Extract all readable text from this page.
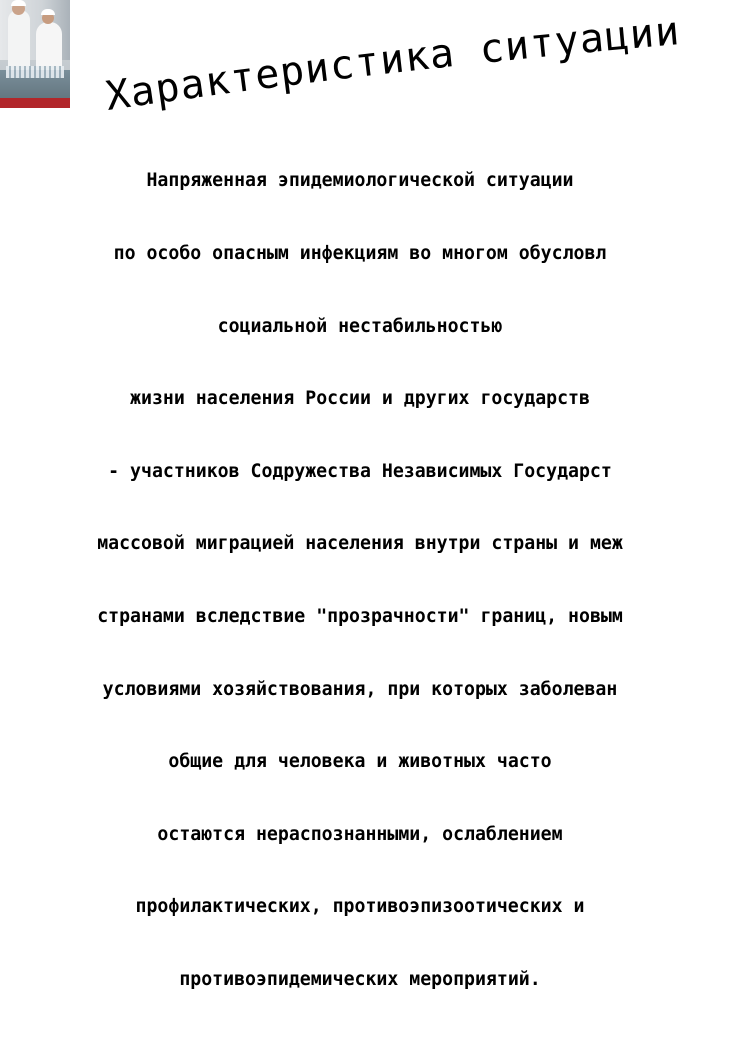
Характеристика ситуации

Напряженная эпидемиологической ситуации

по особо опасным инфекциям во многом обусловл

социальной нестабильностью

жизни населения России и других государств

- участников Содружества Независимых Государст

массовой миграцией населения внутри страны и меж

странами вследствие "прозрачности" границ, новым

условиями хозяйствования, при которых заболеван

общие для человека и животных часто

остаются нераспознанными, ослаблением

профилактических, противоэпизоотических и

противоэпидемических мероприятий.
